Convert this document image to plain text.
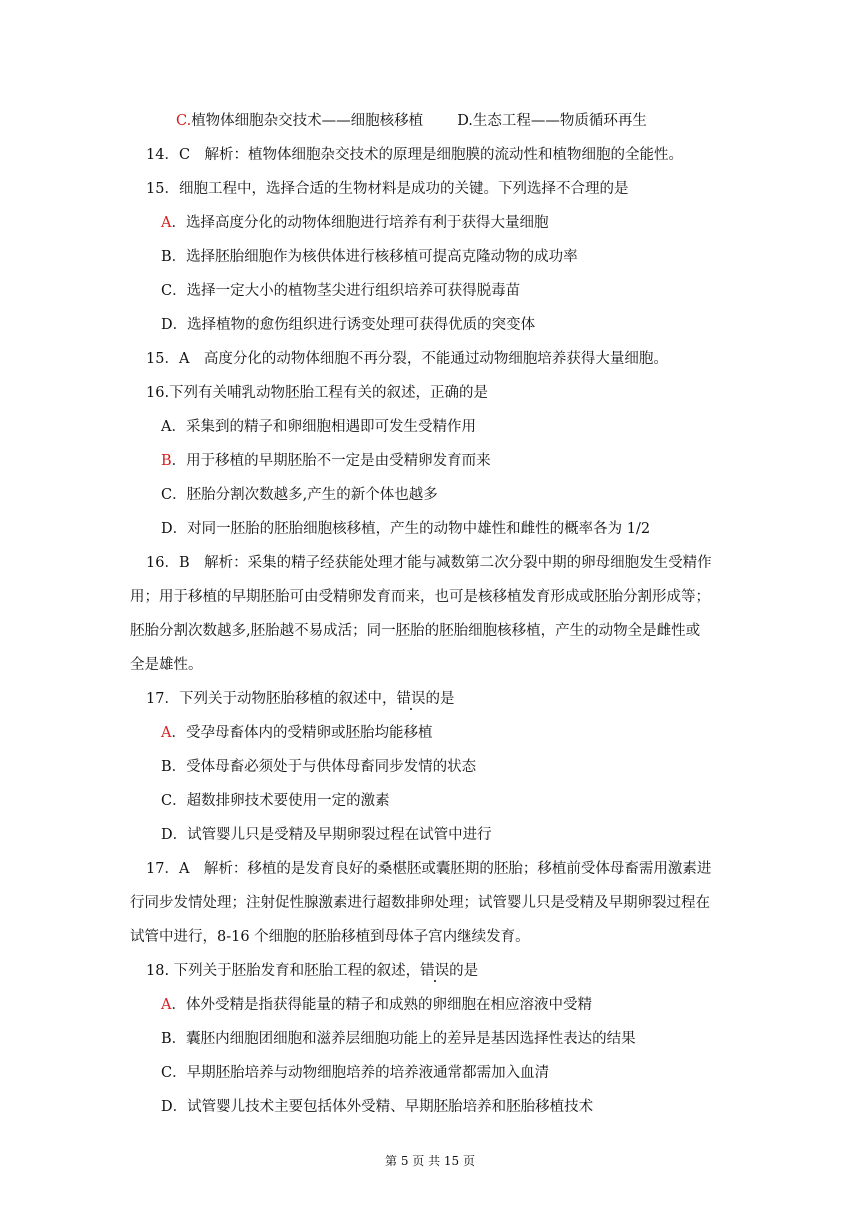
C.植物体细胞杂交技术——细胞核移植 D.生态工程——物质循环再生
14．C　解析：植物体细胞杂交技术的原理是细胞膜的流动性和植物细胞的全能性。
15．细胞工程中，选择合适的生物材料是成功的关键。下列选择不合理的是
A．选择高度分化的动物体细胞进行培养有利于获得大量细胞
B．选择胚胎细胞作为核供体进行核移植可提高克隆动物的成功率
C．选择一定大小的植物茎尖进行组织培养可获得脱毒苗
D．选择植物的愈伤组织进行诱变处理可获得优质的突变体
15．A　高度分化的动物体细胞不再分裂，不能通过动物细胞培养获得大量细胞。
16.下列有关哺乳动物胚胎工程有关的叙述，正确的是
A．采集到的精子和卵细胞相遇即可发生受精作用
B．用于移植的早期胚胎不一定是由受精卵发育而来
C．胚胎分割次数越多,产生的新个体也越多
D．对同一胚胎的胚胎细胞核移植，产生的动物中雄性和雌性的概率各为 1/2
16．B　解析：采集的精子经获能处理才能与减数第二次分裂中期的卵母细胞发生受精作
用；用于移植的早期胚胎可由受精卵发育而来，也可是核移植发育形成或胚胎分割形成等；
胚胎分割次数越多,胚胎越不易成活；同一胚胎的胚胎细胞核移植，产生的动物全是雌性或
全是雄性。
17．下列关于动物胚胎移植的叙述中，错误的是
A．受孕母畜体内的受精卵或胚胎均能移植
B．受体母畜必须处于与供体母畜同步发情的状态
C．超数排卵技术要使用一定的激素
D．试管婴儿只是受精及早期卵裂过程在试管中进行
17．A　解析：移植的是发育良好的桑椹胚或囊胚期的胚胎；移植前受体母畜需用激素进
行同步发情处理；注射促性腺激素进行超数排卵处理；试管婴儿只是受精及早期卵裂过程在
试管中进行，8-16 个细胞的胚胎移植到母体子宫内继续发育。
18. 下列关于胚胎发育和胚胎工程的叙述，错误的是
A．体外受精是指获得能量的精子和成熟的卵细胞在相应溶液中受精
B．囊胚内细胞团细胞和滋养层细胞功能上的差异是基因选择性表达的结果
C．早期胚胎培养与动物细胞培养的培养液通常都需加入血清
D．试管婴儿技术主要包括体外受精、早期胚胎培养和胚胎移植技术
第 5 页 共 15 页
